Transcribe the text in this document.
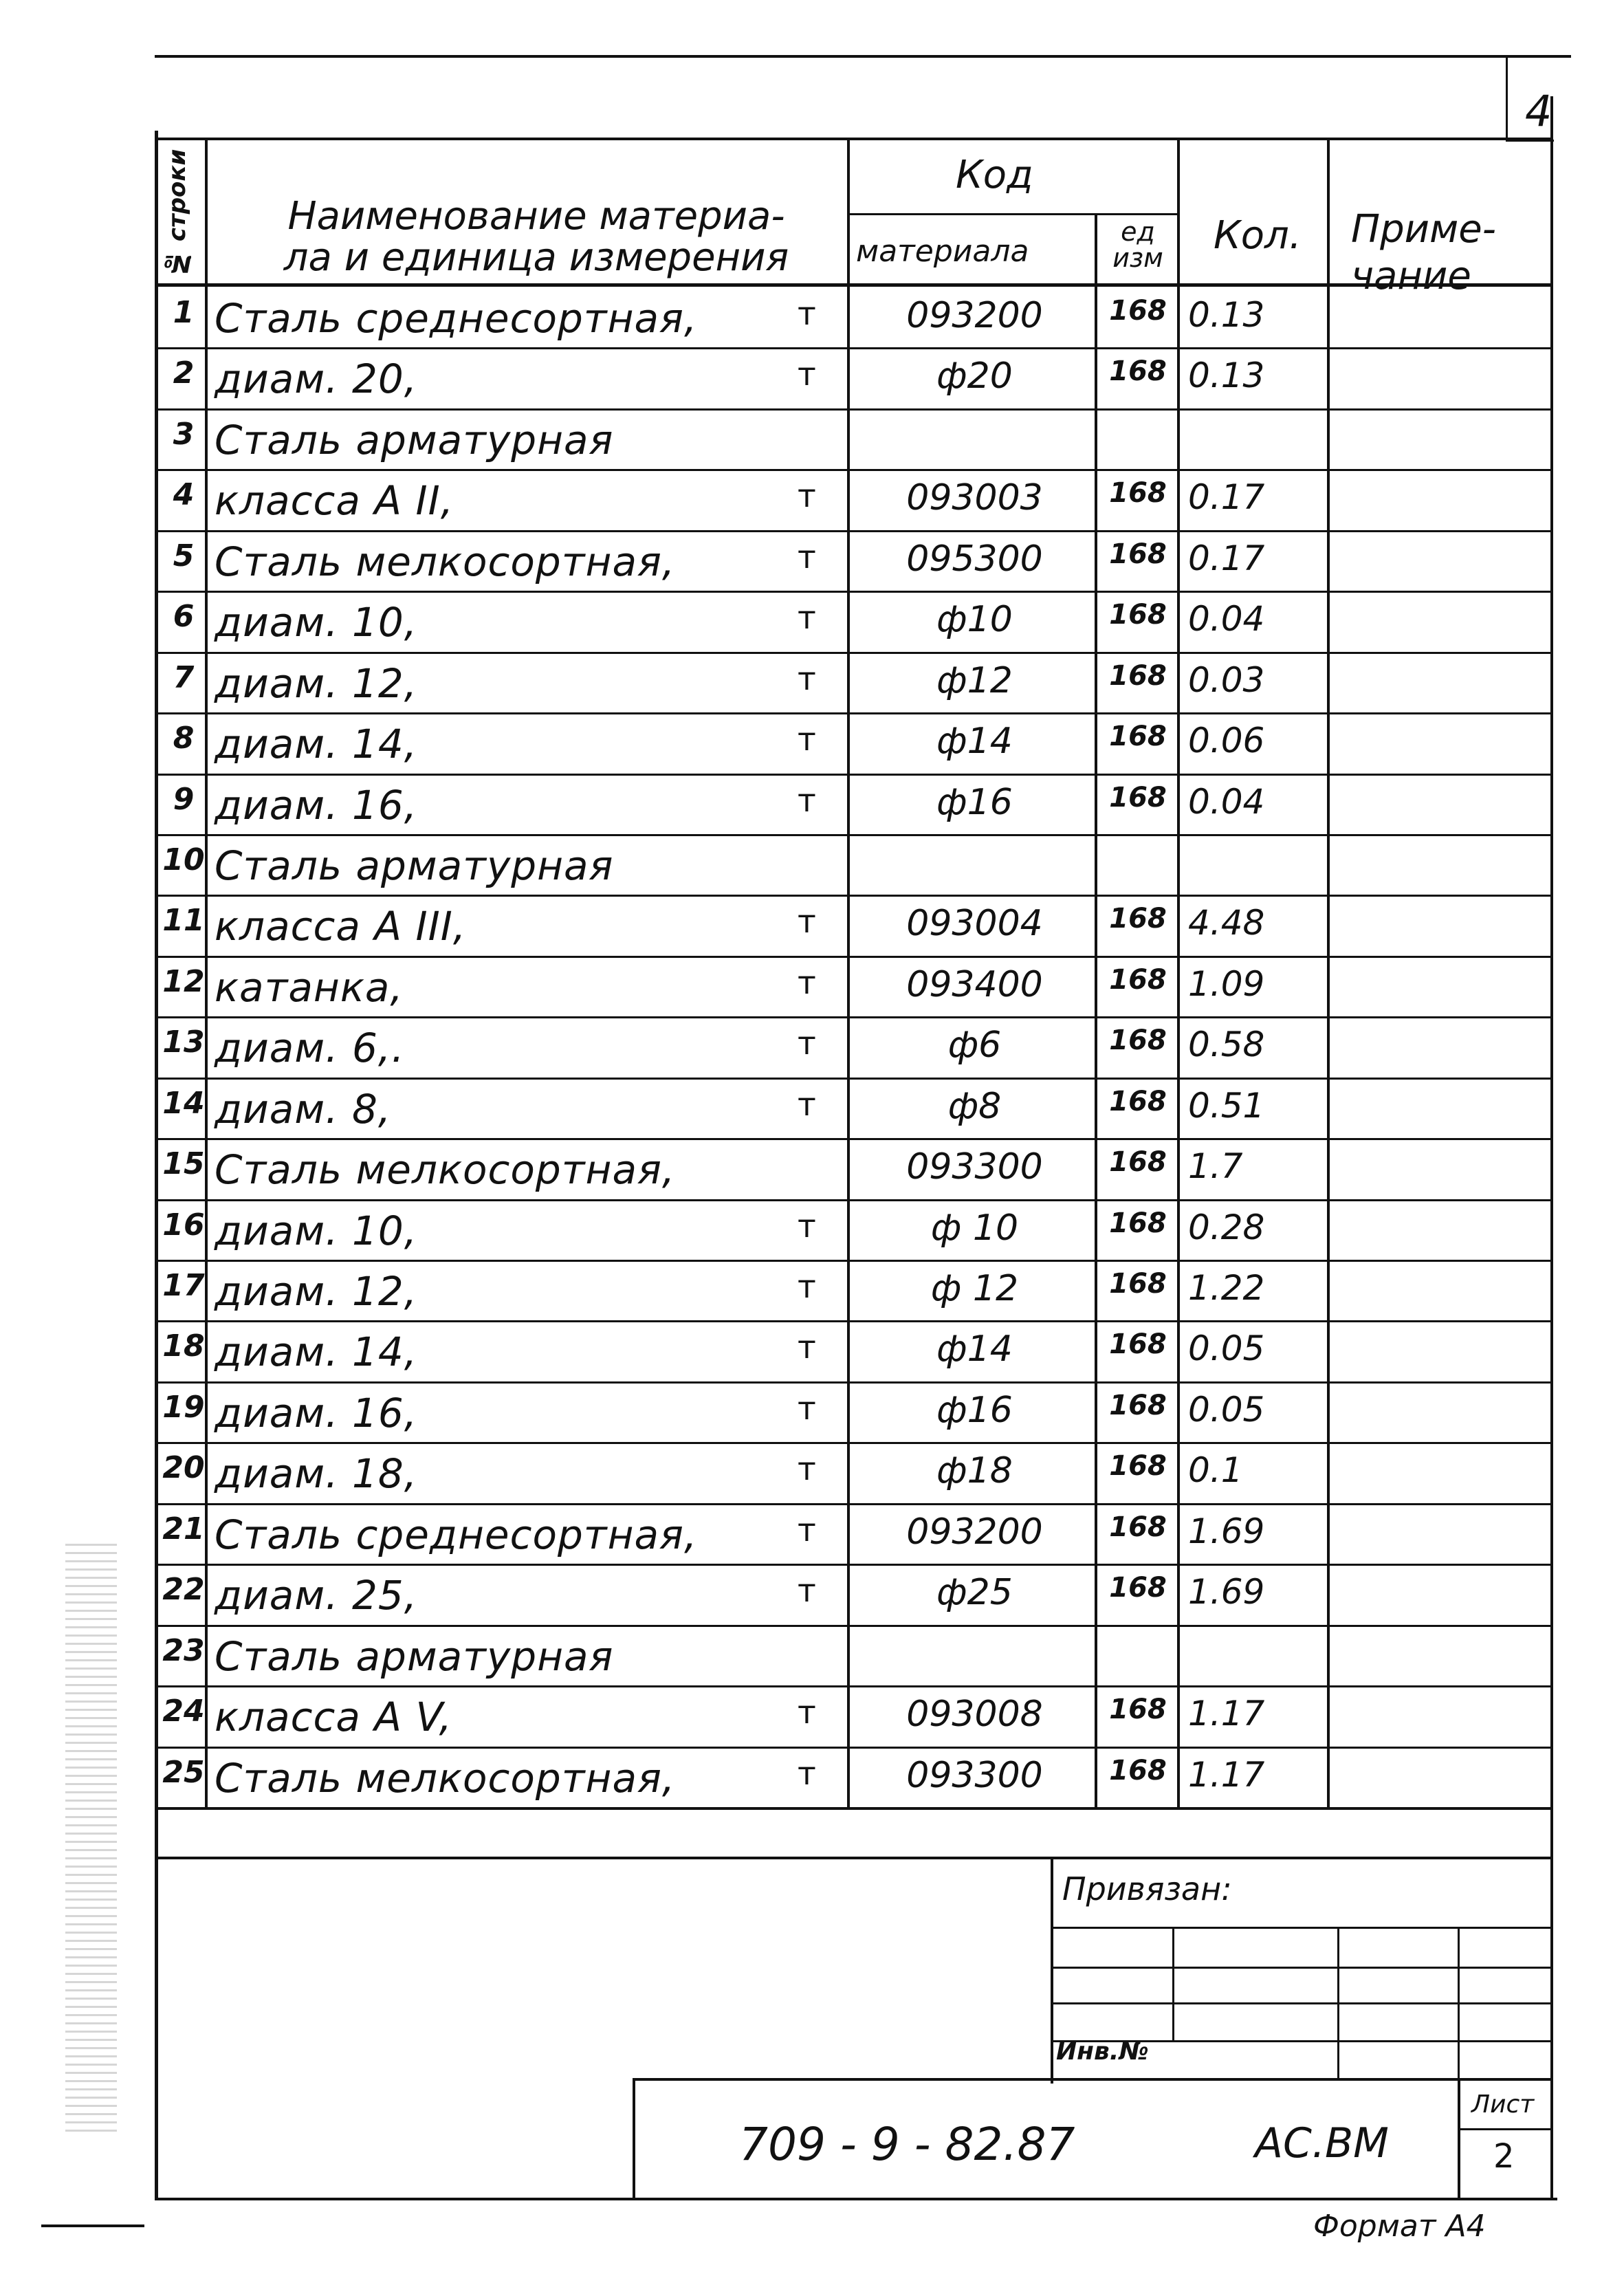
4
№ строки	Наименование материа-
ла и единица измерения

Код
материала
ед изм Кол. Приме-
чание

1 Сталь среднесортная,	т	093200	168 0.13
2 диам. 20,	т	ф20	168 0.13
3 Сталь арматурная
4 класса А II,	т	093003	168 0.17
5 Сталь мелкосортная,	т	095300	168 0.17
6 диам. 10,	т	ф10	168 0.04
7 диам. 12,	т	ф12	168 0.03
8 диам. 14,	т	ф14	168 0.06
9 диам. 16,	т	ф16	168 0.04
10 Сталь арматурная
11 класса А III,	т	093004	168 4.48
12 катанка,	т	093400	168 1.09
13 диам. 6,.	т	ф6	168 0.58
14 диам. 8,	т	ф8	168 0.51
15 Сталь мелкосортная,	093300	168 1.7
16 диам. 10,	т	ф 10	168 0.28
17 диам. 12,	т	ф 12	168 1.22
18 диам. 14,	т	ф14	168 0.05
19 диам. 16,	т	ф16	168 0.05
20 диам. 18,	т	ф18	168 0.1
21 Сталь среднесортная,	т	093200	168 1.69
22 диам. 25,	т	ф25	168 1.69
23 Сталь арматурная
24 класса А V,	т	093008	168 1.17
25 Сталь мелкосортная,	т	093300	168 1.17
Привязан:
Инв.№
709 - 9 - 82.87	АС.ВМ
Лист
2
Формат А4
